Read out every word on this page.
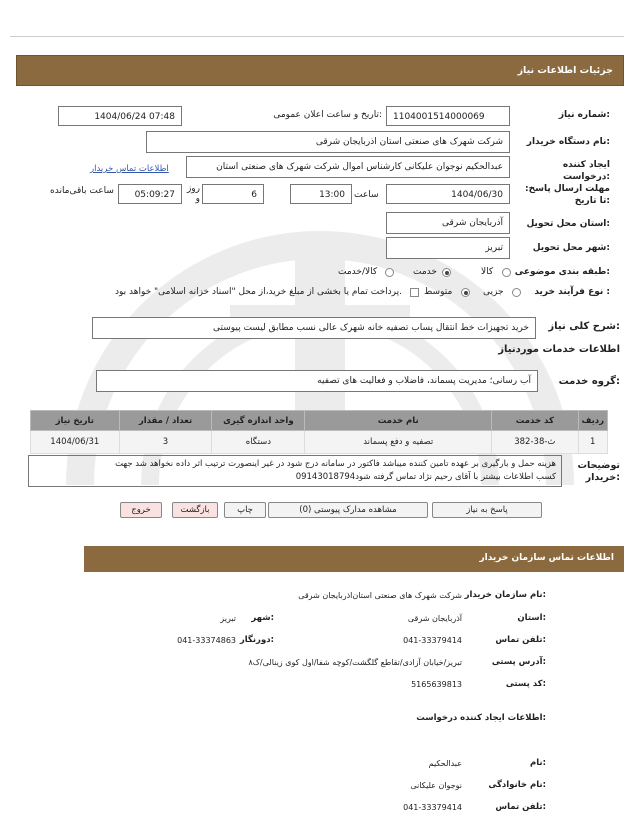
جزئیات اطلاعات نیاز
شماره نیاز:
1104001514000069
تاریخ و ساعت اعلان عمومی:
1404/06/24 07:48
نام دستگاه خریدار:
شرکت شهرک های صنعتی استان اذربایجان شرقی
ایجاد کننده درخواست:
عبدالحکیم نوجوان علیکانی کارشناس اموال شرکت شهرک های صنعتی استان
اطلاعات تماس خریدار
مهلت ارسال پاسخ: تا تاریخ:
1404/06/30
ساعت
13:00
6
روز و
05:09:27
ساعت باقی‌مانده
استان محل تحویل:
آذربایجان شرقی
شهر محل تحویل:
تبریز
طبقه بندی موضوعی:
کالا
خدمت
کالا/خدمت
نوع فرآیند خرید :
جزیی
متوسط
پرداخت تمام یا بخشی از مبلغ خرید،از محل "اسناد خزانه اسلامی" خواهد بود.
شرح کلی نیاز:
خرید تجهیزات خط انتقال پساب تصفیه خانه شهرک عالی نسب مطابق لیست پیوستی
اطلاعات خدمات موردنیاز
گروه خدمت:
آب رسانی؛ مدیریت پسماند، فاضلاب و فعالیت های تصفیه
ردیف	کد خدمت	نام خدمت	واحد اندازه گیری	تعداد / مقدار	تاریخ نیاز
1	ث-38-382	تصفیه و دفع پسماند	دستگاه	3	1404/06/31
توضیحات خریدار:
هزینه حمل و بارگیری بر عهده تامین کننده میباشد فاکتور در سامانه درج شود در غیر اینصورت ترتیب اثر داده نخواهد شد جهت
کسب اطلاعات بیشتر با آقای رحیم نژاد تماس گرفته شود09143018794
پاسخ به نیاز
مشاهده مدارک پیوستی (0)
چاپ
بازگشت
خروج
اطلاعات تماس سازمان خریدار
نام سازمان خریدار:
شرکت شهرک های صنعتی استان‌اذربایجان شرقی
استان:
آذربایجان شرقی
شهر:
تبریز
تلفن تماس:
041-33379414
دورنگار:
041-33374863
آدرس پستی:
تبریز/خیابان آزادی/تقاطع گلگشت/کوچه شفا/اول کوی زینالی/ک۸
کد پستی:
5165639813
اطلاعات ایجاد کننده درخواست:
نام:
عبدالحکیم
نام خانوادگی:
نوجوان علیکانی
تلفن تماس:
041-33379414
